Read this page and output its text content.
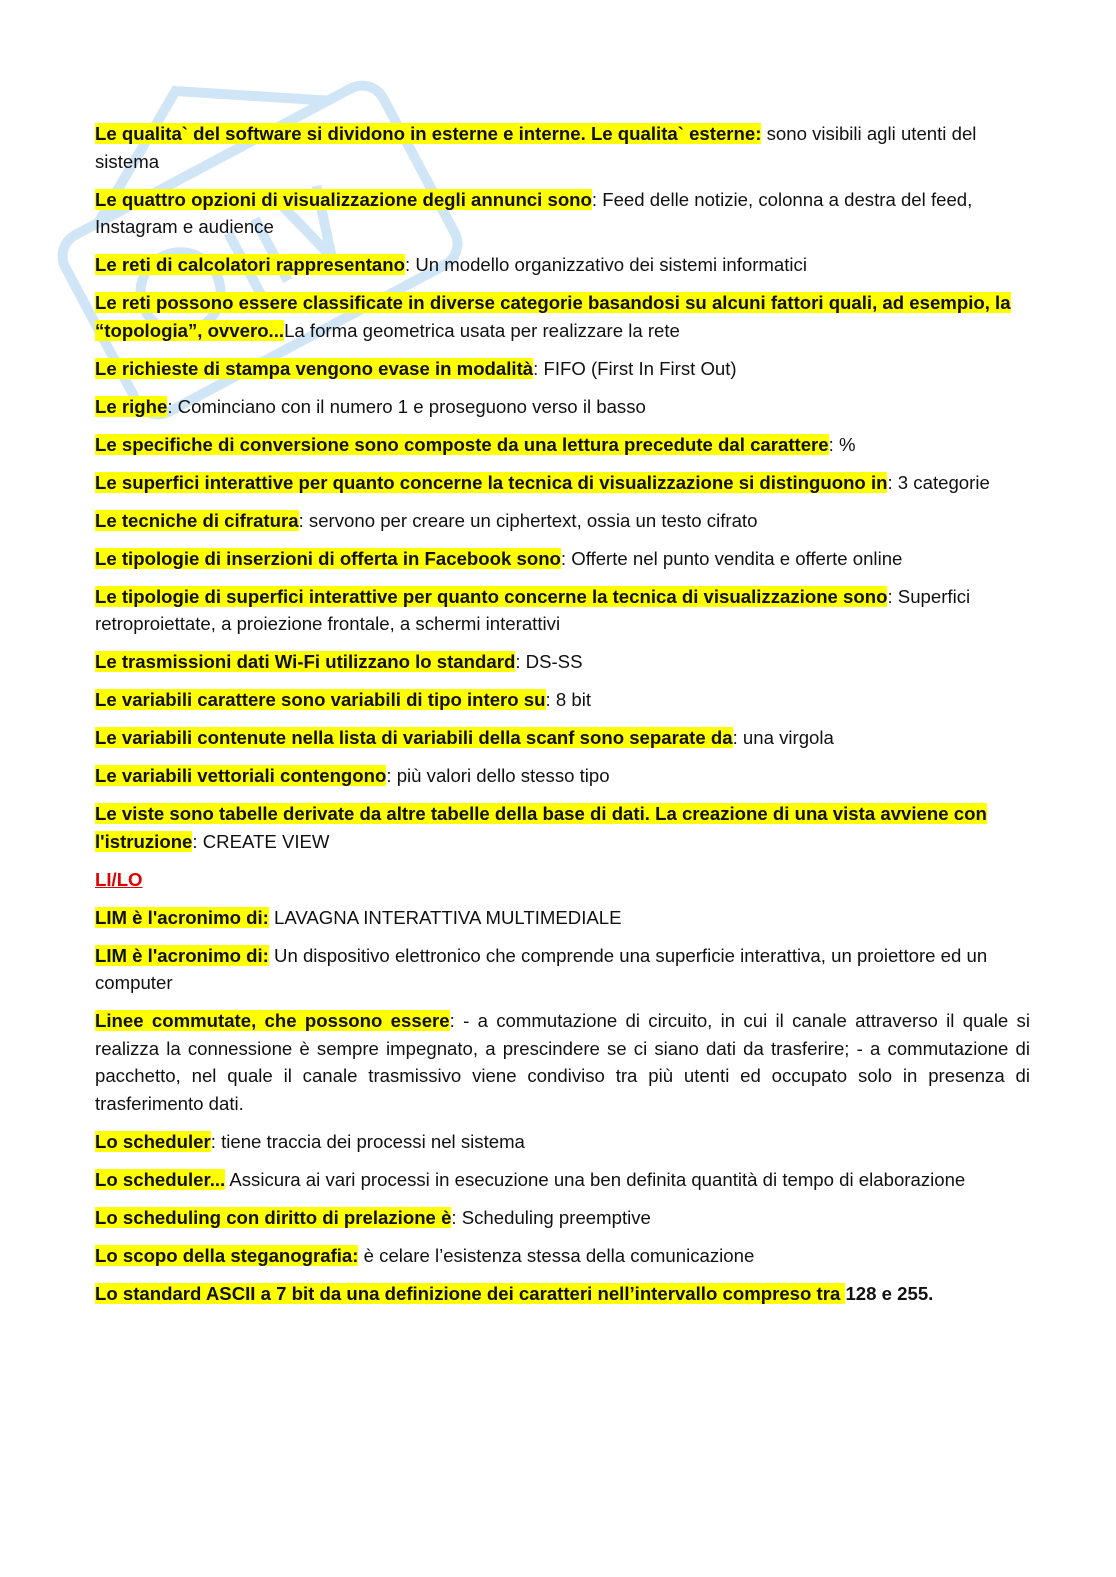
Le qualita` del software si dividono in esterne e interne. Le qualita` esterne: sono visibili agli utenti del sistema

Le quattro opzioni di visualizzazione degli annunci sono: Feed delle notizie, colonna a destra del feed, Instagram e audience

Le reti di calcolatori rappresentano: Un modello organizzativo dei sistemi informatici

Le reti possono essere classificate in diverse categorie basandosi su alcuni fattori quali, ad esempio, la “topologia”, ovvero...La forma geometrica usata per realizzare la rete

Le richieste di stampa vengono evase in modalità: FIFO (First In First Out)

Le righe: Cominciano con il numero 1 e proseguono verso il basso

Le specifiche di conversione sono composte da una lettura precedute dal carattere: %

Le superfici interattive per quanto concerne la tecnica di visualizzazione si distinguono in: 3 categorie

Le tecniche di cifratura: servono per creare un ciphertext, ossia un testo cifrato

Le tipologie di inserzioni di offerta in Facebook sono: Offerte nel punto vendita e offerte online

Le tipologie di superfici interattive per quanto concerne la tecnica di visualizzazione sono: Superfici retroproiettate, a proiezione frontale, a schermi interattivi

Le trasmissioni dati Wi-Fi utilizzano lo standard: DS-SS

Le variabili carattere sono variabili di tipo intero su: 8 bit

Le variabili contenute nella lista di variabili della scanf sono separate da: una virgola

Le variabili vettoriali contengono: più valori dello stesso tipo

Le viste sono tabelle derivate da altre tabelle della base di dati. La creazione di una vista avviene con l'istruzione: CREATE VIEW

LI/LO

LIM è l'acronimo di: LAVAGNA INTERATTIVA MULTIMEDIALE

LIM è l'acronimo di: Un dispositivo elettronico che comprende una superficie interattiva, un proiettore ed un computer

Linee commutate, che possono essere: - a commutazione di circuito, in cui il canale attraverso il quale si realizza la connessione è sempre impegnato, a prescindere se ci siano dati da trasferire; - a commutazione di pacchetto, nel quale il canale trasmissivo viene condiviso tra più utenti ed occupato solo in presenza di trasferimento dati.

Lo scheduler: tiene traccia dei processi nel sistema

Lo scheduler... Assicura ai vari processi in esecuzione una ben definita quantità di tempo di elaborazione

Lo scheduling con diritto di prelazione è: Scheduling preemptive

Lo scopo della steganografia: è celare l’esistenza stessa della comunicazione

Lo standard ASCII a 7 bit da una definizione dei caratteri nell’intervallo compreso tra 128 e 255.
